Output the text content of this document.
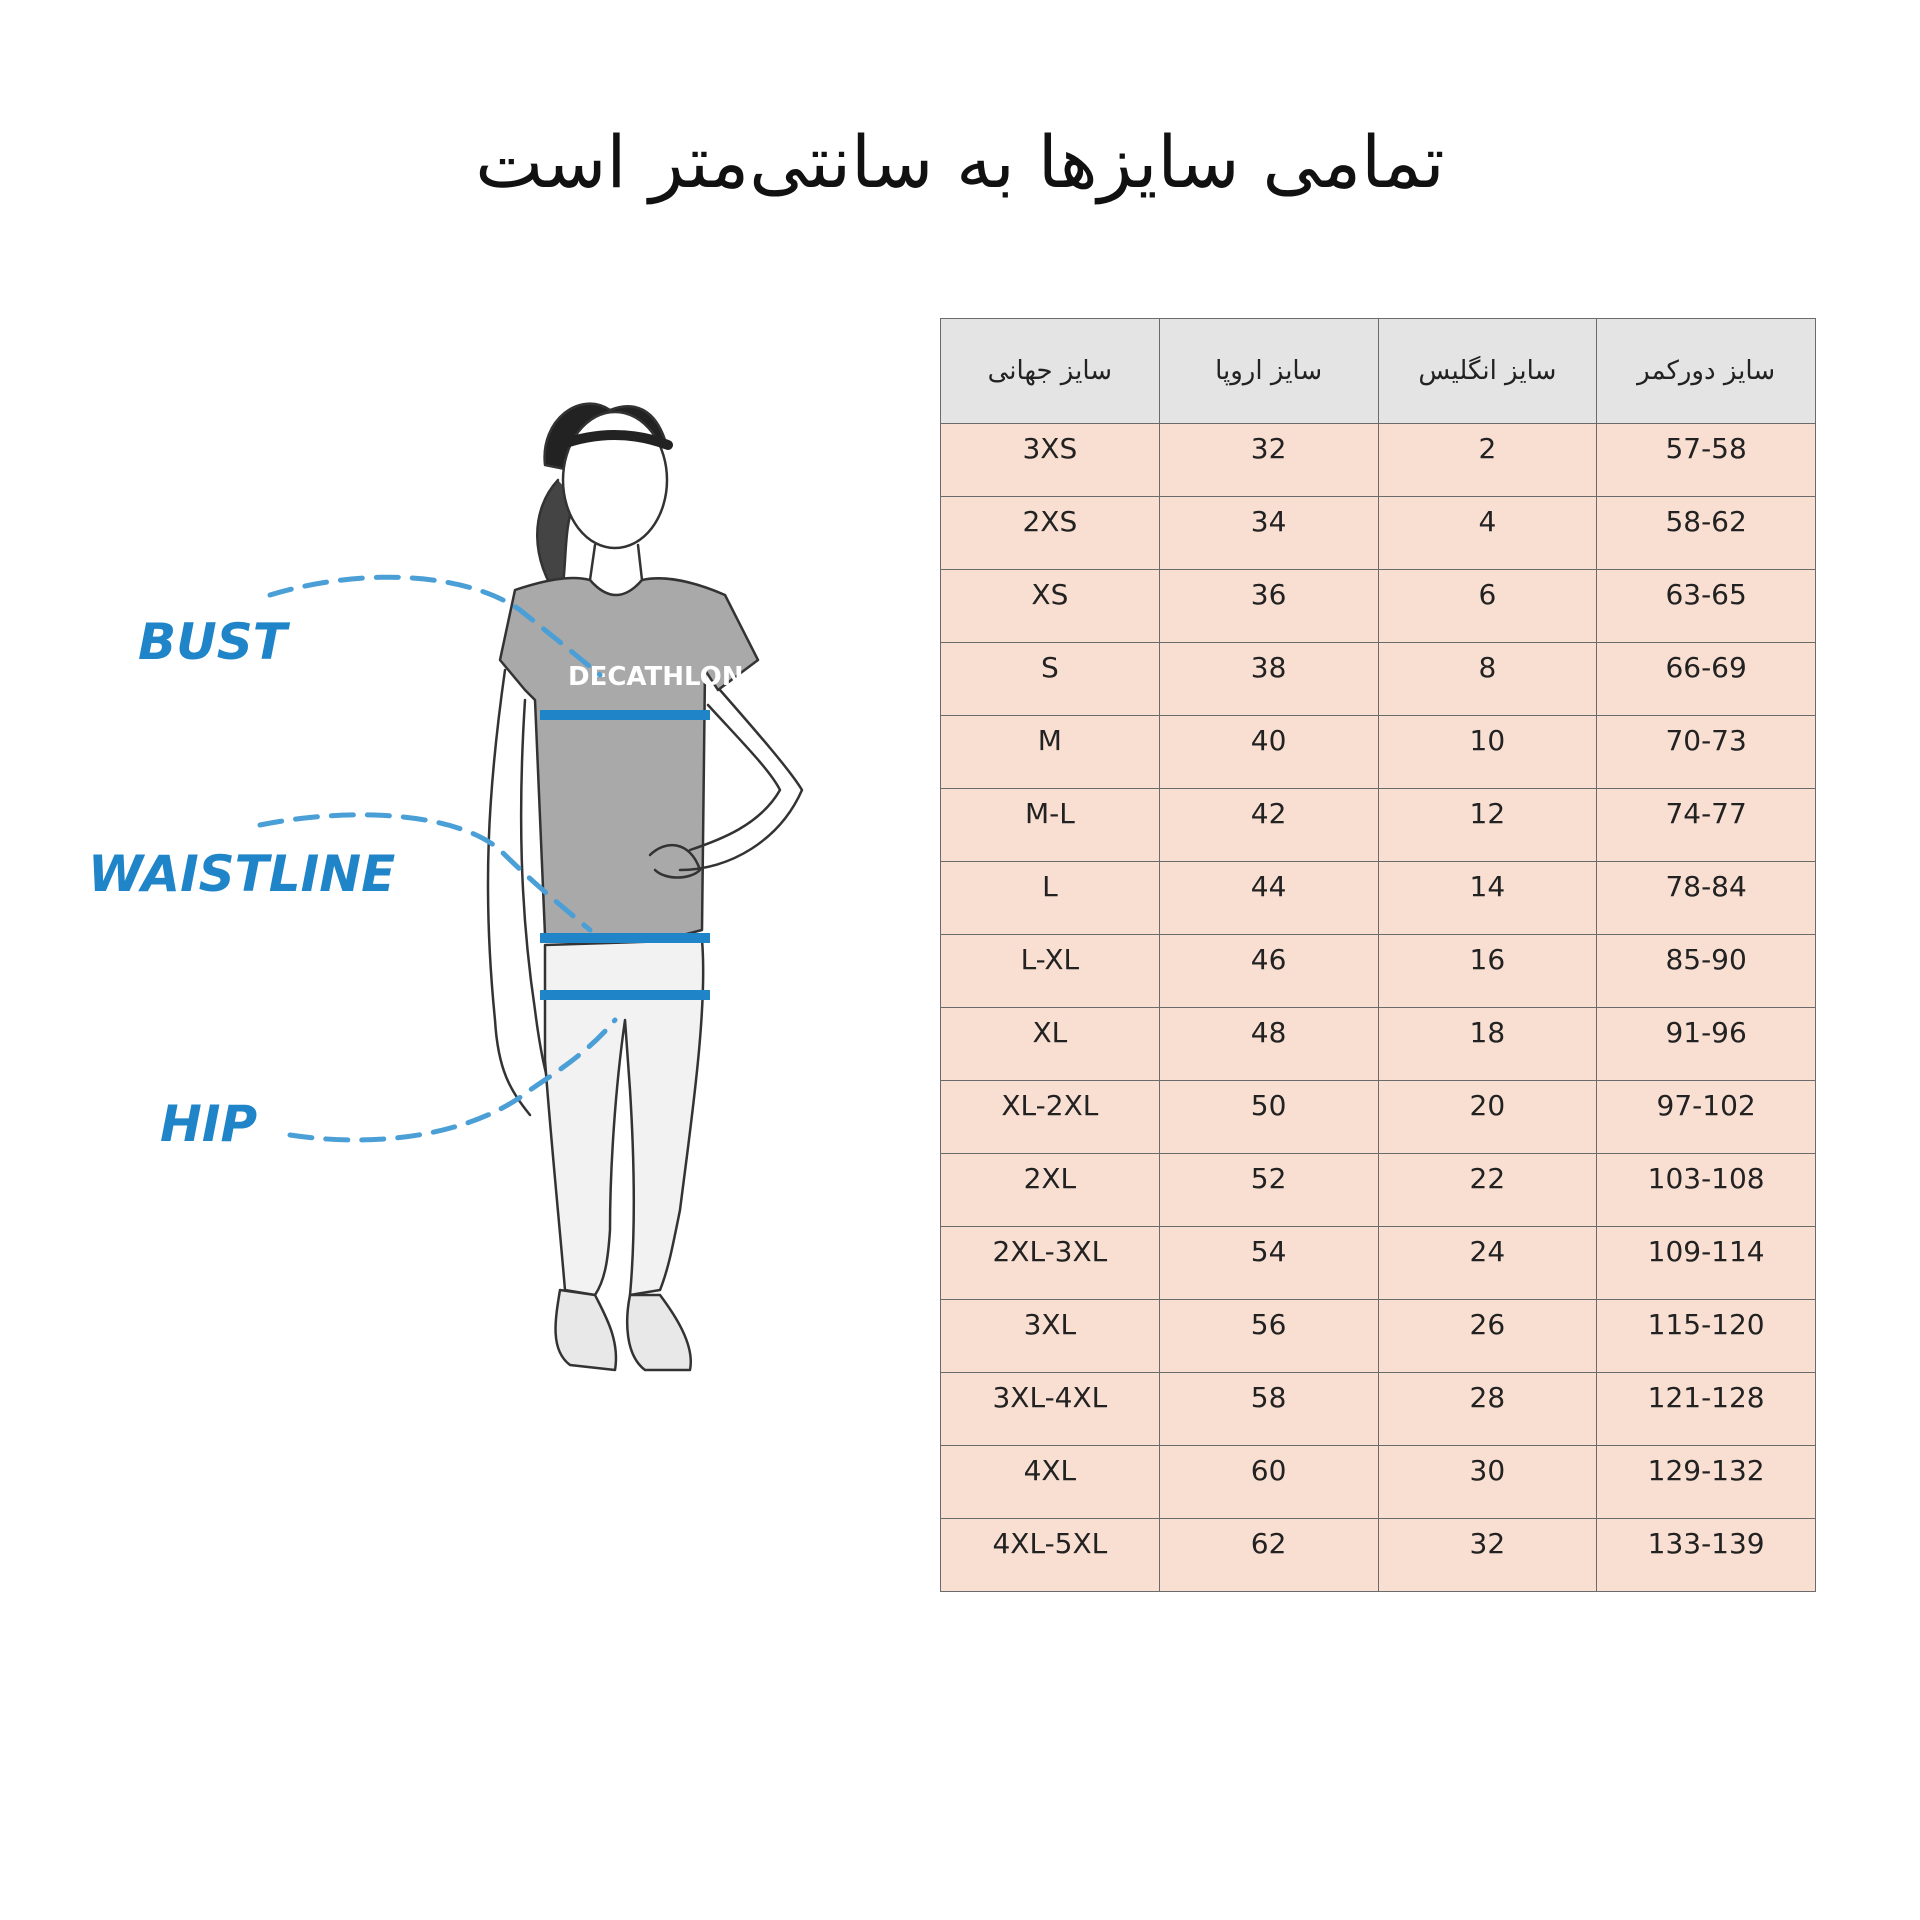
تمامی سایزها به سانتی‌متر است
DECATHLON
BUST
WAISTLINE
HIP
سایز جهانی	سایز اروپا	سایز انگلیس	سایز دورکمر
3XS	32	2	57-58
2XS	34	4	58-62
XS	36	6	63-65
S	38	8	66-69
M	40	10	70-73
M-L	42	12	74-77
L	44	14	78-84
L-XL	46	16	85-90
XL	48	18	91-96
XL-2XL	50	20	97-102
2XL	52	22	103-108
2XL-3XL	54	24	109-114
3XL	56	26	115-120
3XL-4XL	58	28	121-128
4XL	60	30	129-132
4XL-5XL	62	32	133-139
